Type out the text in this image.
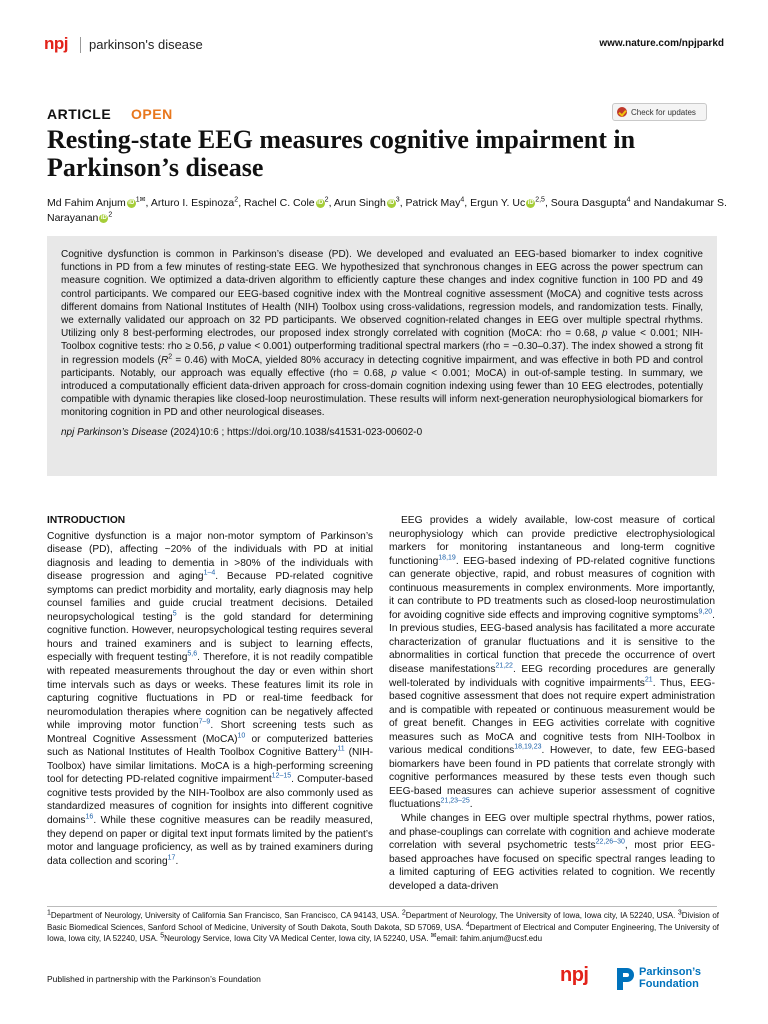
npj	parkinson's disease	www.nature.com/npjparkd
ARTICLE OPEN	Check for updates
Resting-state EEG measures cognitive impairment in Parkinson’s disease
Md Fahim Anjum iD $^{1✉}$, Arturo I. Espinoza$^2$, Rachel C. Cole iD $^2$, Arun Singh iD $^3$, Patrick May$^4$, Ergun Y. Uc iD $^{2,5}$, Soura Dasgupta$^4$ and Nandakumar S. Narayanan iD $^2$

Cognitive dysfunction is common in Parkinson’s disease (PD). We developed and evaluated an EEG-based biomarker to index cognitive functions in PD from a few minutes of resting-state EEG. We hypothesized that synchronous changes in EEG across the power spectrum can measure cognition. We optimized a data-driven algorithm to efficiently capture these changes and index cognitive function in 100 PD and 49 control participants. We compared our EEG-based cognitive index with the Montreal cognitive assessment (MoCA) and cognitive tests across different domains from National Institutes of Health (NIH) Toolbox using cross-validations, regression models, and randomization tests. Finally, we externally validated our approach on 32 PD participants. We observed cognition-related changes in EEG over multiple spectral rhythms. Utilizing only 8 best-performing electrodes, our proposed index strongly correlated with cognition (MoCA: rho = 0.68, p value < 0.001; NIH-Toolbox cognitive tests: rho ≥ 0.56, p value < 0.001) outperforming traditional spectral markers (rho = −0.30–0.37). The index showed a strong fit in regression models $(R^2 = 0.46)$ with MoCA, yielded 80% accuracy in detecting cognitive impairment, and was effective in both PD and control participants. Notably, our approach was equally effective (rho = 0.68, p value < 0.001; MoCA) in out-of-sample testing. In summary, we introduced a computationally efficient data-driven approach for cross-domain cognition indexing using fewer than 10 EEG electrodes, potentially compatible with dynamic therapies like closed-loop neurostimulation. These results will inform next-generation neurophysiological biomarkers for monitoring cognition in PD and other neurological diseases.

npj Parkinson’s Disease (2024)10:6 ; https://doi.org/10.1038/s41531-023-00602-0

INTRODUCTION

Cognitive dysfunction is a major non-motor symptom of Parkinson’s disease (PD), affecting ~20% of the individuals with PD at initial diagnosis and leading to dementia in >80% of the individuals with disease progression and aging$^{1-4}$. Because PD-related cognitive symptoms can predict morbidity and mortality, early diagnosis may help counsel families and guide crucial treatment decisions. Detailed neuropsychological testing$^5$ is the gold standard for determining cognitive function. However, neuropsychological testing requires several hours and trained examiners and is subject to learning effects, especially with frequent testing$^{5,6}$. Therefore, it is not readily compatible with repeated measurements throughout the day or even within short time intervals such as days or weeks. These features limit its role in capturing cognitive fluctuations in PD or real-time feedback for neuromodulation therapies where cognition can be negatively affected while improving motor function$^{7-9}$. Short screening tests such as Montreal Cognitive Assessment (MoCA)$^{10}$ or computerized batteries such as National Institutes of Health Toolbox Cognitive Battery$^{11}$ (NIH-Toolbox) have similar limitations. MoCA is a high-performing screening tool for detecting PD-related cognitive impairment$^{12-15}$. Computer-based cognitive tests provided by the NIH-Toolbox are also commonly used as standardized measures of cognition for insights into different cognitive domains$^{16}$. While these cognitive measures can be readily measured, they depend on paper or digital text input formats limited by the patient’s motor and language proficiency, as well as by trained examiners during data collection and scoring$^{17}$.

EEG provides a widely available, low-cost measure of cortical neurophysiology which can provide predictive electrophysiological markers for monitoring instantaneous and long-term cognitive functioning$^{18,19}$. EEG-based indexing of PD-related cognitive functions can generate objective, rapid, and robust measures of cognition with continuous measurements in complex environments. More importantly, it can contribute to PD treatments such as closed-loop neurostimulation for avoiding cognitive side effects and improving cognitive symptoms$^{9,20}$. In previous studies, EEG-based analysis has facilitated a more accurate characterization of granular fluctuations and it is sensitive to the abnormalities in cortical function that precede the occurrence of overt disease manifestations$^{21,22}$. EEG recording procedures are generally well-tolerated by individuals with cognitive impairments$^{21}$. Thus, EEG-based cognitive assessment that does not require expert administration and is compatible with repeated or continuous measurement would be of great benefit. Changes in EEG activities correlate with cognitive measures such as MoCA and cognitive tests from NIH-Toolbox in various medical conditions$^{18,19,23}$. However, to date, few EEG-based biomarkers have been found in PD patients that correlate strongly with cognitive performances measured by these tests even though such EEG-based measures can achieve superior assessment of cognitive fluctuations$^{21,23-25}$.

While changes in EEG over multiple spectral rhythms, power ratios, and phase-couplings can correlate with cognition and achieve moderate correlation with several psychometric tests$^{22,26-30}$, most prior EEG-based approaches have focused on specific spectral ranges leading to a limited capturing of EEG activities related to cognition. We recently developed a data-driven

$^1$Department of Neurology, University of California San Francisco, San Francisco, CA 94143, USA. $^2$Department of Neurology, The University of Iowa, Iowa city, IA 52240, USA. $^3$Division of Basic Biomedical Sciences, Sanford School of Medicine, University of South Dakota, South Dakota, SD 57069, USA. $^4$Department of Electrical and Computer Engineering, The University of Iowa, Iowa city, IA 52240, USA. $^5$Neurology Service, Iowa City VA Medical Center, Iowa city, IA 52240, USA. ✉email: fahim.anjum@ucsf.edu
Published in partnership with the Parkinson’s Foundation	npj	Parkinson’s
Foundation
